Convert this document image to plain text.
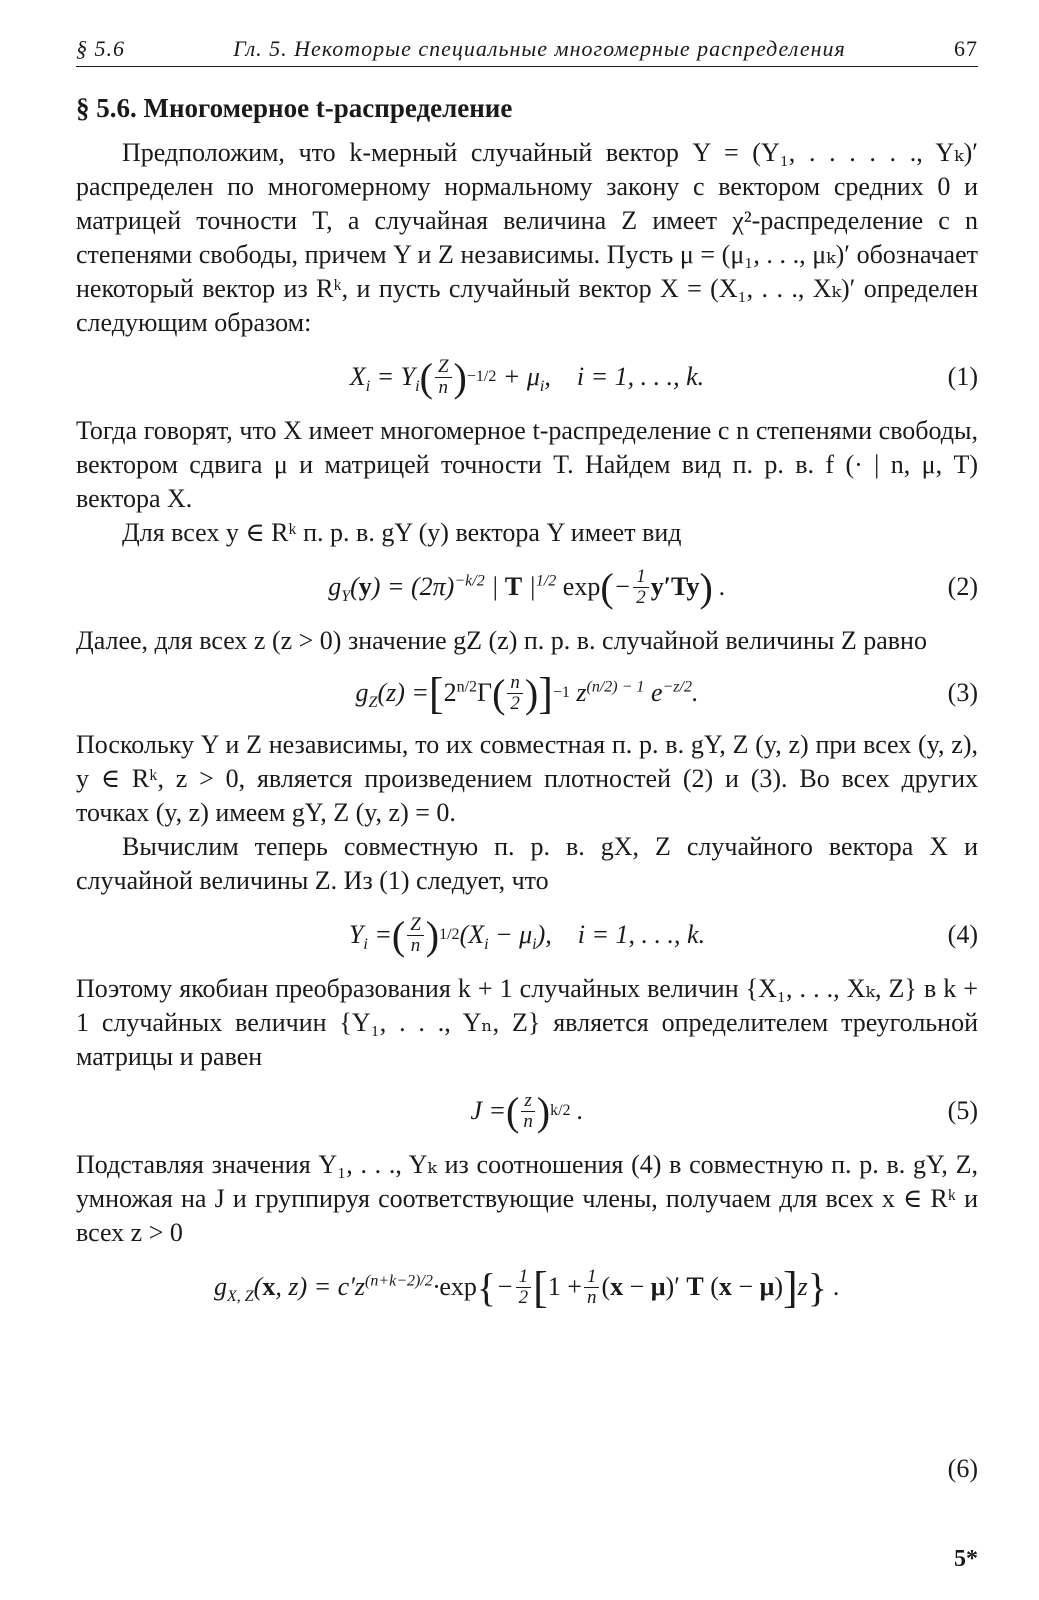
§ 5.6	Гл. 5. Некоторые специальные многомерные распределения	67
§ 5.6. Многомерное t-распределение

Предположим, что k-мерный случайный вектор Y = (Y₁, . . . . . ., Yₖ)′ распределен по многомерному нормальному закону с вектором средних 0 и матрицей точности T, а случайная величина Z имеет χ²-распределение с n степенями свободы, причем Y и Z независимы. Пусть μ = (μ₁, . . ., μₖ)′ обозначает некоторый вектор из Rᵏ, и пусть случайный вектор X = (X₁, . . ., Xₖ)′ определен следующим образом:

$X_i = Y_i$ ( $\frac{Z}{n}$ ) $-1/2 + \mu_i$,    i = 1, . . ., k.	(1)

Тогда говорят, что X имеет многомерное t-распределение с n степенями свободы, вектором сдвига μ и матрицей точности T. Найдем вид п. р. в. f (· | n, μ, T) вектора X.

Для всех y ∈ Rᵏ п. р. в. gY (y) вектора Y имеет вид

$g_Y(y) = (2\pi)^{-k/2}$ | T $|^{1/2}$ exp ( − $\frac{1}{2} y'Ty$ ) .	(2)

Далее, для всех z (z > 0) значение gZ (z) п. р. в. случайной величины Z равно

$g_Z(z)$ = [ $2^{n/2}\Gamma$ ( $\frac{n}{2}$ ) ] −1 $z^{(n/2) - 1}$ $e^{-z/2}$.	(3)

Поскольку Y и Z независимы, то их совместная п. р. в. gY, Z (y, z) при всех (y, z), y ∈ Rᵏ, z > 0, является произведением плотностей (2) и (3). Во всех других точках (y, z) имеем gY, Z (y, z) = 0.

Вычислим теперь совместную п. р. в. gX, Z случайного вектора X и случайной величины Z. Из (1) следует, что

$Y_i$ = ( $\frac{Z}{n}$ ) 1/2 $(X_i - \mu_i)$,    i = 1, . . ., k.	(4)

Поэтому якобиан преобразования k + 1 случайных величин {X₁, . . ., Xₖ, Z} в k + 1 случайных величин {Y₁, . . ., Yₙ, Z} является определителем треугольной матрицы и равен

J = ( $\frac{z}{n}$ ) k/2 .	(5)

Подставляя значения Y₁, . . ., Yₖ из соотношения (4) в совместную п. р. в. gY, Z, умножая на J и группируя соответствующие члены, получаем для всех x ∈ Rᵏ и всех z > 0

$g_{X, Z}(x$, $z) = c'z^{(n+k-2)/2}\cdot\exp$ { − $\frac{1}{2}$ [ $1 + \frac{1}{n} (x - \mu)'$ T (x − μ) ] z } .
(6)
5*
